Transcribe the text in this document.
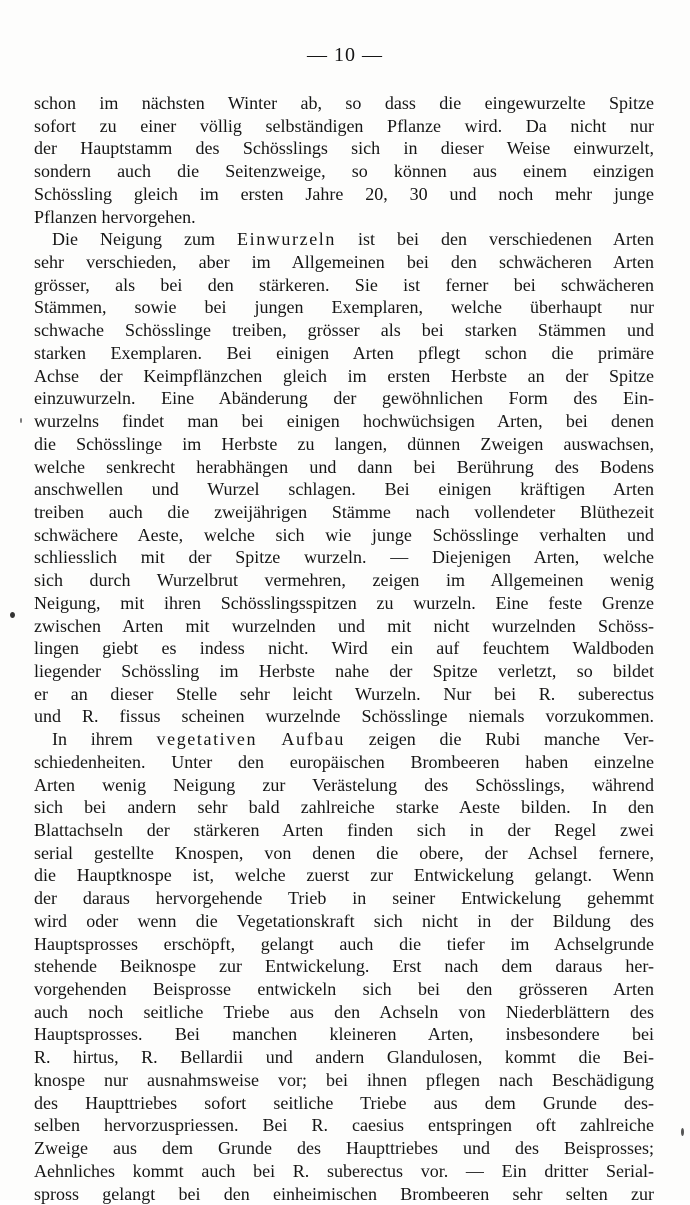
— 10 —
schon im nächsten Winter ab, so dass die eingewurzelte Spitze
sofort zu einer völlig selbständigen Pflanze wird. Da nicht nur
der Hauptstamm des Schösslings sich in dieser Weise einwurzelt,
sondern auch die Seitenzweige, so können aus einem einzigen
Schössling gleich im ersten Jahre 20, 30 und noch mehr junge
Pflanzen hervorgehen.
Die Neigung zum Einwurzeln ist bei den verschiedenen Arten
sehr verschieden, aber im Allgemeinen bei den schwächeren Arten
grösser, als bei den stärkeren. Sie ist ferner bei schwächeren
Stämmen, sowie bei jungen Exemplaren, welche überhaupt nur
schwache Schösslinge treiben, grösser als bei starken Stämmen und
starken Exemplaren. Bei einigen Arten pflegt schon die primäre
Achse der Keimpflänzchen gleich im ersten Herbste an der Spitze
einzuwurzeln. Eine Abänderung der gewöhnlichen Form des Ein-
wurzelns findet man bei einigen hochwüchsigen Arten, bei denen
die Schösslinge im Herbste zu langen, dünnen Zweigen auswachsen,
welche senkrecht herabhängen und dann bei Berührung des Bodens
anschwellen und Wurzel schlagen. Bei einigen kräftigen Arten
treiben auch die zweijährigen Stämme nach vollendeter Blüthezeit
schwächere Aeste, welche sich wie junge Schösslinge verhalten und
schliesslich mit der Spitze wurzeln. — Diejenigen Arten, welche
sich durch Wurzelbrut vermehren, zeigen im Allgemeinen wenig
Neigung, mit ihren Schösslingsspitzen zu wurzeln. Eine feste Grenze
zwischen Arten mit wurzelnden und mit nicht wurzelnden Schöss-
lingen giebt es indess nicht. Wird ein auf feuchtem Waldboden
liegender Schössling im Herbste nahe der Spitze verletzt, so bildet
er an dieser Stelle sehr leicht Wurzeln. Nur bei R. suberectus
und R. fissus scheinen wurzelnde Schösslinge niemals vorzukommen.
In ihrem vegetativen Aufbau zeigen die Rubi manche Ver-
schiedenheiten. Unter den europäischen Brombeeren haben einzelne
Arten wenig Neigung zur Verästelung des Schösslings, während
sich bei andern sehr bald zahlreiche starke Aeste bilden. In den
Blattachseln der stärkeren Arten finden sich in der Regel zwei
serial gestellte Knospen, von denen die obere, der Achsel fernere,
die Hauptknospe ist, welche zuerst zur Entwickelung gelangt. Wenn
der daraus hervorgehende Trieb in seiner Entwickelung gehemmt
wird oder wenn die Vegetationskraft sich nicht in der Bildung des
Hauptsprosses erschöpft, gelangt auch die tiefer im Achselgrunde
stehende Beiknospe zur Entwickelung. Erst nach dem daraus her-
vorgehenden Beisprosse entwickeln sich bei den grösseren Arten
auch noch seitliche Triebe aus den Achseln von Niederblättern des
Hauptsprosses. Bei manchen kleineren Arten, insbesondere bei
R. hirtus, R. Bellardii und andern Glandulosen, kommt die Bei-
knospe nur ausnahmsweise vor; bei ihnen pflegen nach Beschädigung
des Haupttriebes sofort seitliche Triebe aus dem Grunde des-
selben hervorzuspriessen. Bei R. caesius entspringen oft zahlreiche
Zweige aus dem Grunde des Haupttriebes und des Beisprosses;
Aehnliches kommt auch bei R. suberectus vor. — Ein dritter Serial-
spross gelangt bei den einheimischen Brombeeren sehr selten zur
